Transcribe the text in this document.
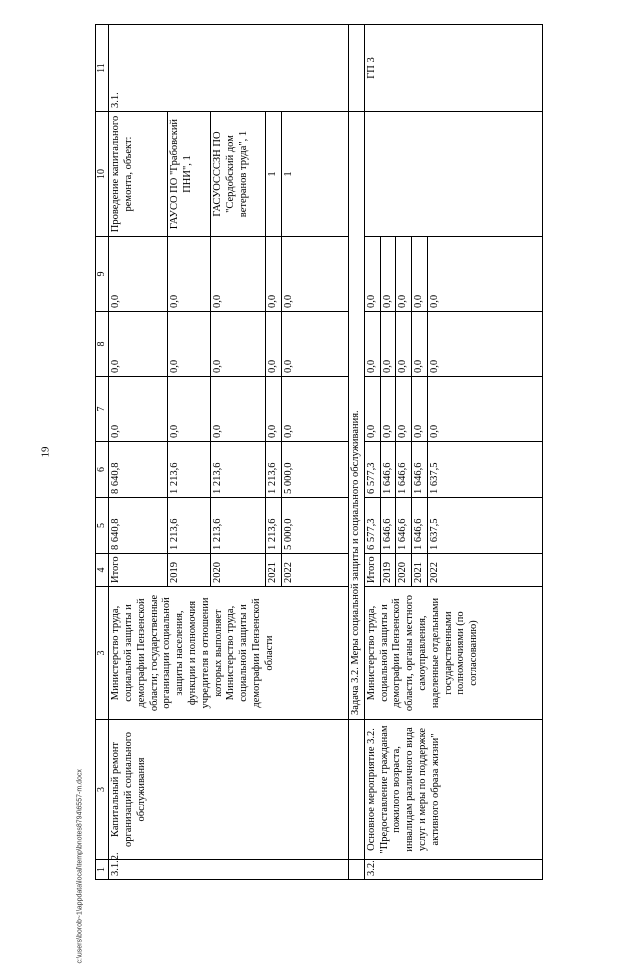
19
c:\users\borob~1\appdata\local\temp\bnotes8794\6557-m.docx 1	3	3	4	5	6	7	8	9	10	11
3.1.2.	Капитальный ремонт организаций социального обслуживания	Министерство труда, социальной защиты и демографии Пензенской области; государственные организации социальной защиты населения, функции и полномочия учредителя в отношении которых выполняет Министерство труда, социальной защиты и демографии Пензенской области	Итого	8 640,8	8 640,8	0,0	0,0	0,0	Проведение капитального ремонта, объект:	3.1.
			2019	1 213,6	1 213,6	0,0	0,0	0,0	ГАУСО ПО "Грабовский ПНИ", 1	
			2020	1 213,6	1 213,6	0,0	0,0	0,0	ГАСУОСССЗН ПО "Сердобский дом ветеранов труда", 1	
			2021	1 213,6	1 213,6	0,0	0,0	0,0	1	
			2022	5 000,0	5 000,0	0,0	0,0	0,0	1	
		Задача 3.2. Меры социальной защиты и социального обслуживания.								
3.2.	Основное мероприятие 3.2. "Предоставление гражданам пожилого возраста, инвалидам различного вида услуг и меры по поддержке активного образа жизни"	Министерство труда, социальной защиты и демографии Пензенской области, органы местного самоуправления, наделенные отдельными государственными полномочиями (по согласованию)	Итого	6 577,3	6 577,3	0,0	0,0	0,0		ГП 3
			2019	1 646,6	1 646,6	0,0	0,0	0,0		
			2020	1 646,6	1 646,6	0,0	0,0	0,0		
			2021	1 646,6	1 646,6	0,0	0,0	0,0		
			2022	1 637,5	1 637,5	0,0	0,0	0,0		
